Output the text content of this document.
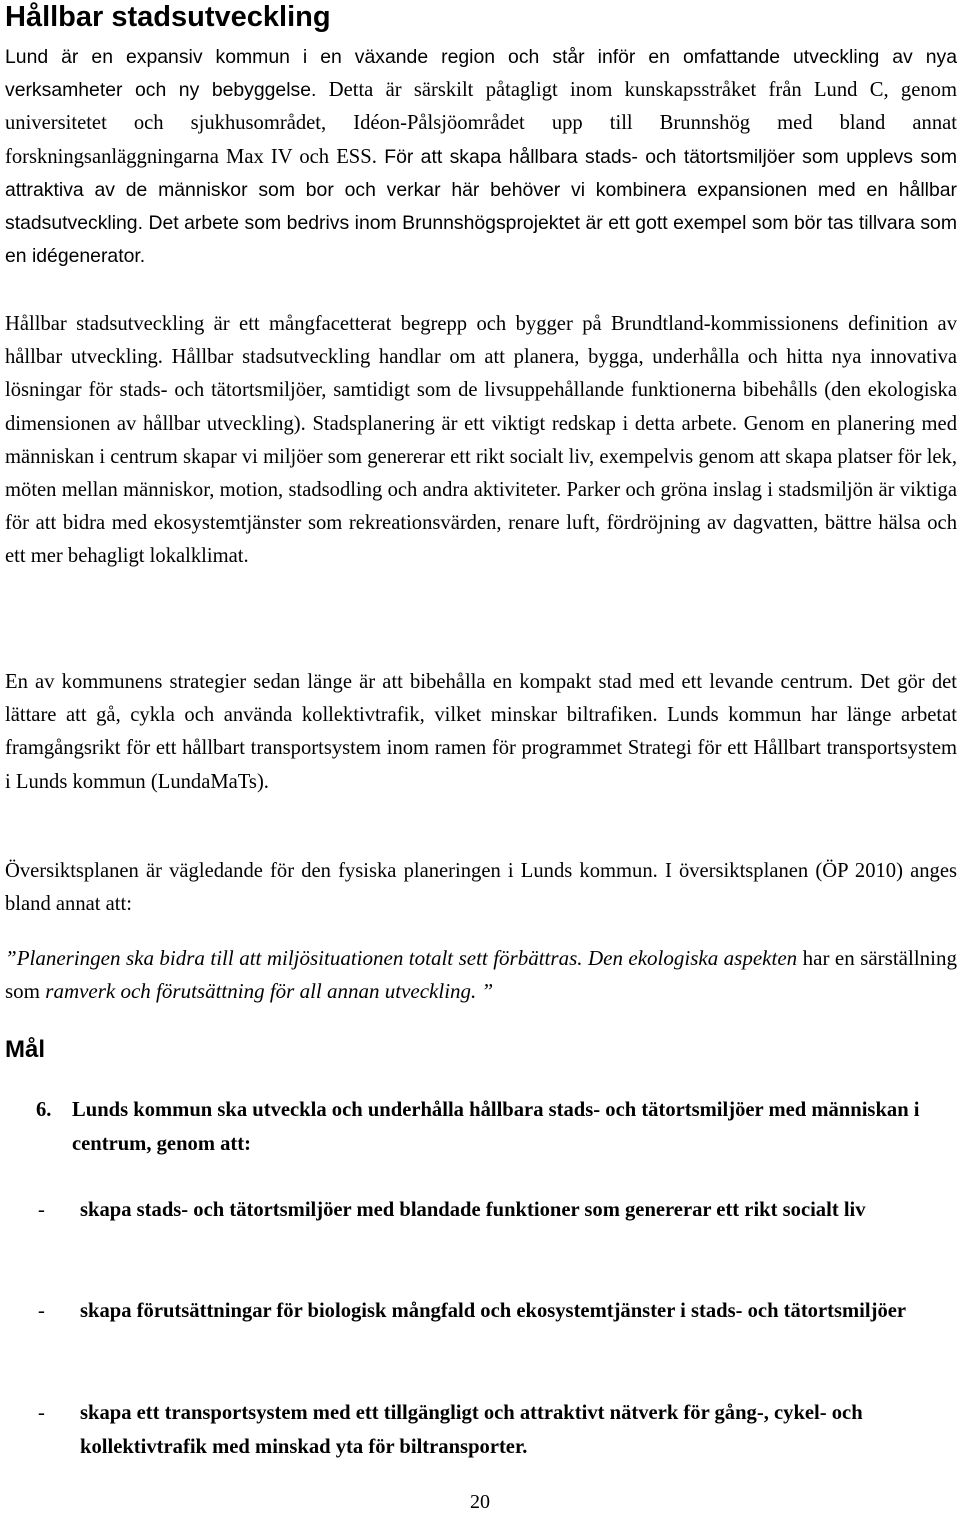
Hållbar stadsutveckling

Lund är en expansiv kommun i en växande region och står inför en omfattande utveckling av nya verksamheter och ny bebyggelse. Detta är särskilt påtagligt inom kunskapsstråket från Lund C, genom universitetet och sjukhusområdet, Idéon-Pålsjöområdet upp till Brunnshög med bland annat forskningsanläggningarna Max IV och ESS. För att skapa hållbara stads- och tätortsmiljöer som upplevs som attraktiva av de människor som bor och verkar här behöver vi kombinera expansionen med en hållbar stadsutveckling. Det arbete som bedrivs inom Brunnshögsprojektet är ett gott exempel som bör tas tillvara som en idégenerator.

Hållbar stadsutveckling är ett mångfacetterat begrepp och bygger på Brundtland-kommissionens definition av hållbar utveckling. Hållbar stadsutveckling handlar om att planera, bygga, underhålla och hitta nya innovativa lösningar för stads- och tätortsmiljöer, samtidigt som de livsuppehållande funktionerna bibehålls (den ekologiska dimensionen av hållbar utveckling). Stadsplanering är ett viktigt redskap i detta arbete. Genom en planering med människan i centrum skapar vi miljöer som genererar ett rikt socialt liv, exempelvis genom att skapa platser för lek, möten mellan människor, motion, stadsodling och andra aktiviteter. Parker och gröna inslag i stadsmiljön är viktiga för att bidra med ekosystemtjänster som rekreationsvärden, renare luft, fördröjning av dagvatten, bättre hälsa och ett mer behagligt lokalklimat.

En av kommunens strategier sedan länge är att bibehålla en kompakt stad med ett levande centrum. Det gör det lättare att gå, cykla och använda kollektivtrafik, vilket minskar biltrafiken. Lunds kommun har länge arbetat framgångsrikt för ett hållbart transportsystem inom ramen för programmet Strategi för ett Hållbart transportsystem i Lunds kommun (LundaMaTs).

Översiktsplanen är vägledande för den fysiska planeringen i Lunds kommun. I översiktsplanen (ÖP 2010) anges bland annat att:

”Planeringen ska bidra till att miljösituationen totalt sett förbättras. Den ekologiska aspekten har en särställning som ramverk och förutsättning för all annan utveckling. ”

Mål
6. Lunds kommun ska utveckla och underhålla hållbara stads- och tätortsmiljöer med människan i centrum, genom att:
- skapa stads- och tätortsmiljöer med blandade funktioner som genererar ett rikt socialt liv
- skapa förutsättningar för biologisk mångfald och ekosystemtjänster i stads- och tätortsmiljöer
- skapa ett transportsystem med ett tillgängligt och attraktivt nätverk för gång-, cykel- och kollektivtrafik med minskad yta för biltransporter.
20
